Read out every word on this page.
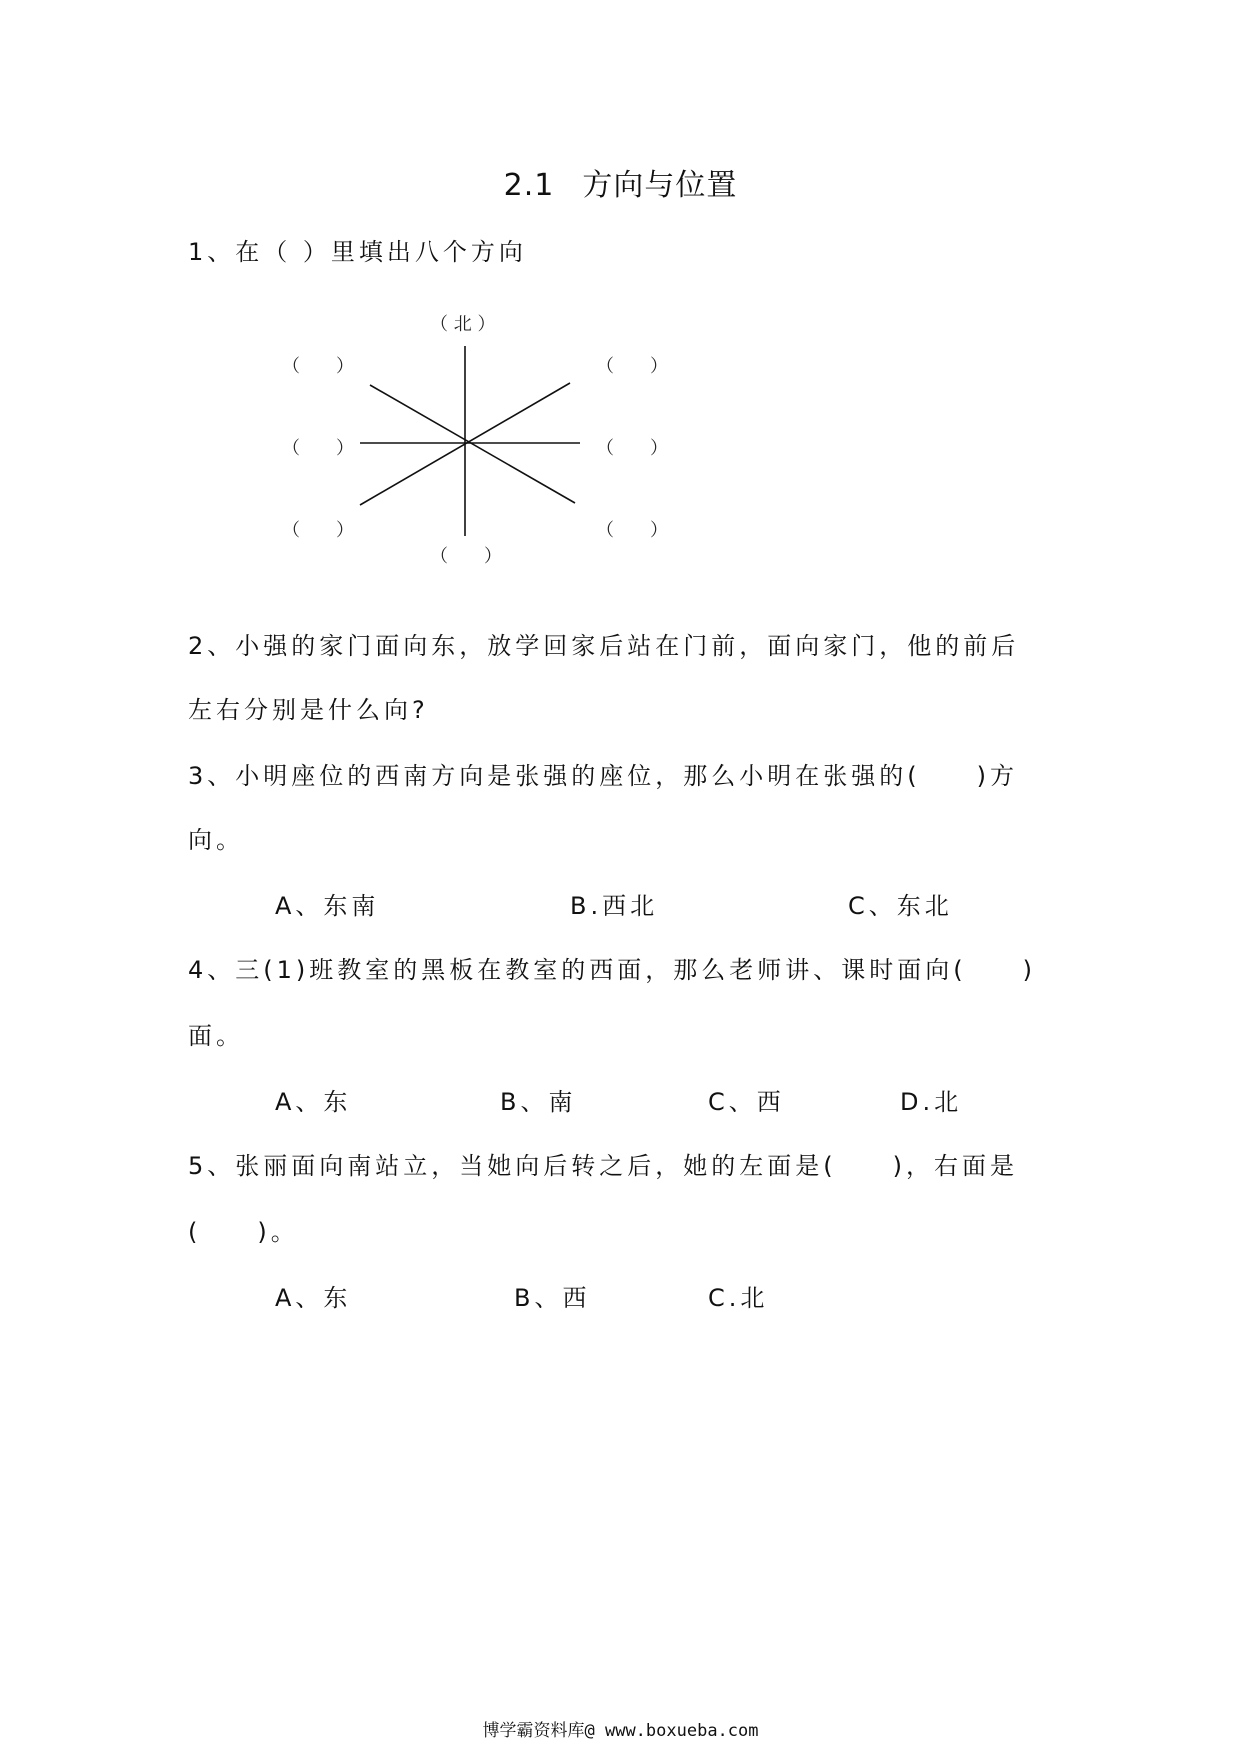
2.1 方向与位置
1、在（ ）里填出八个方向
（ 北 ）
（　　）	（　　）
（　　）	（　　）
（　　）	（　　）
（　　）
2、小强的家门面向东，放学回家后站在门前，面向家门，他的前后
左右分别是什么向?
3、小明座位的西南方向是张强的座位，那么小明在张强的(　　)方
向。
A、东南	B.西北	C、东北
4、三(1)班教室的黑板在教室的西面，那么老师讲、课时面向(　　)
面。
A、东	B、南	C、西	D.北
5、张丽面向南站立，当她向后转之后，她的左面是(　　)，右面是
(　　)。
A、东	B、西	C.北
博学霸资料库@ www.boxueba.com
